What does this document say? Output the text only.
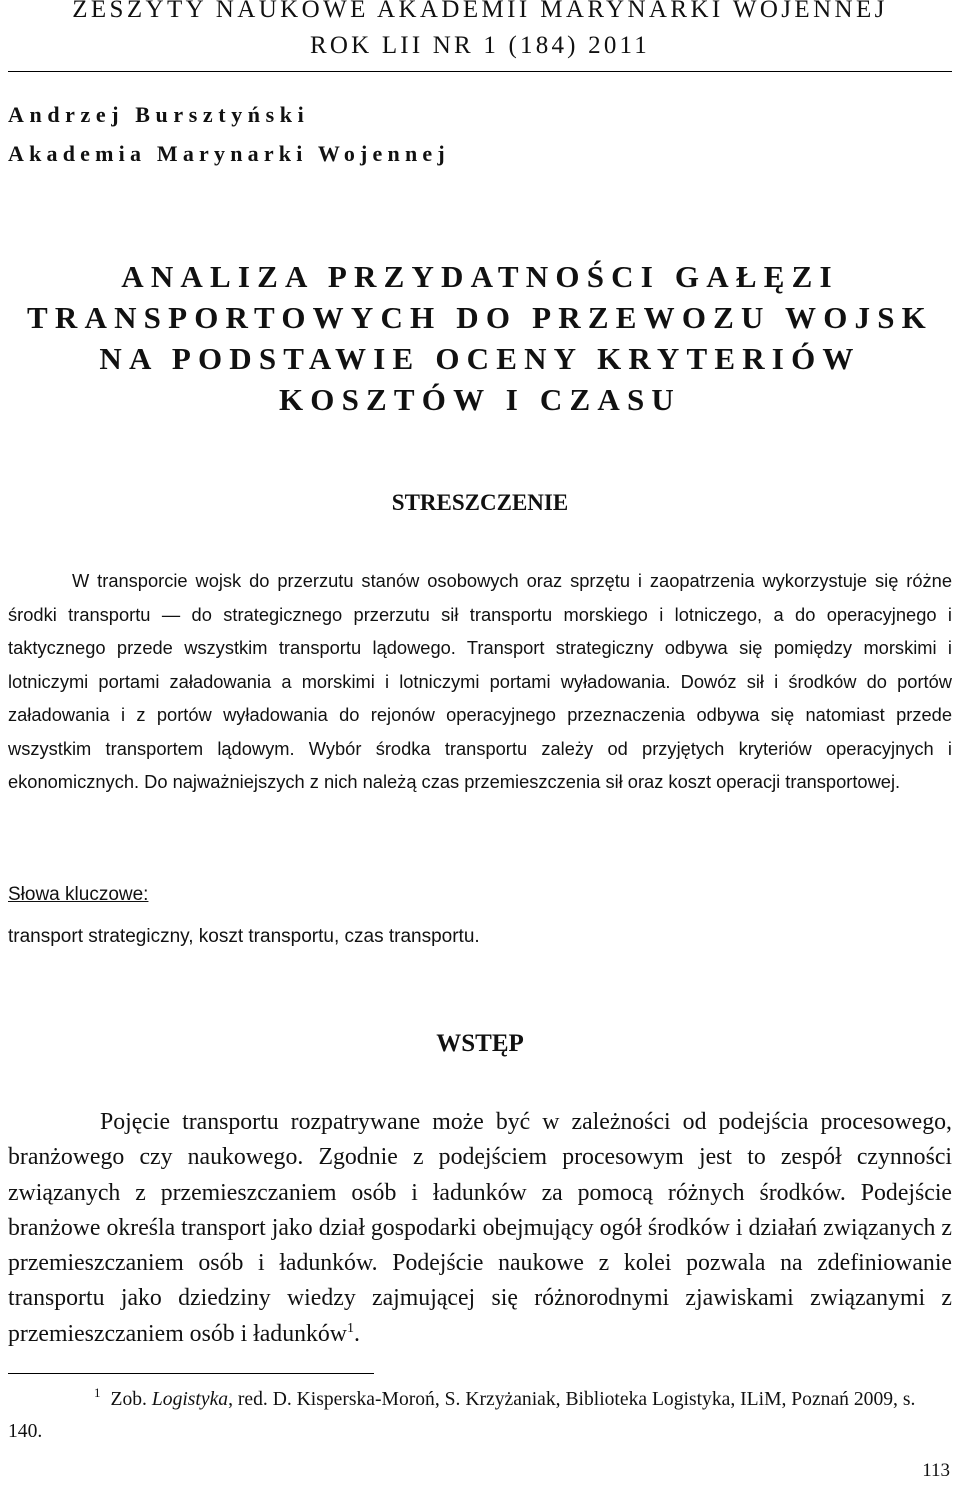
ZESZYTY NAUKOWE AKADEMII MARYNARKI WOJENNEJ
ROK LII NR 1 (184) 2011
Andrzej Bursztyński
Akademia Marynarki Wojennej
ANALIZA PRZYDATNOŚCI GAŁĘZI
TRANSPORTOWYCH DO PRZEWOZU WOJSK
NA PODSTAWIE OCENY KRYTERIÓW
KOSZTÓW I CZASU
STRESZCZENIE
W transporcie wojsk do przerzutu stanów osobowych oraz sprzętu i zaopatrzenia wykorzystuje się różne środki transportu — do strategicznego przerzutu sił transportu morskiego i lotniczego, a do operacyjnego i taktycznego przede wszystkim transportu lądowego. Transport strategiczny odbywa się pomiędzy morskimi i lotniczymi portami załadowania a morskimi i lotniczymi portami wyładowania. Dowóz sił i środków do portów załadowania i z portów wyładowania do rejonów operacyjnego przeznaczenia odbywa się natomiast przede wszystkim transportem lądowym. Wybór środka transportu zależy od przyjętych kryteriów operacyjnych i ekonomicznych. Do najważniejszych z nich należą czas przemieszczenia sił oraz koszt operacji transportowej.
Słowa kluczowe:
transport strategiczny, koszt transportu, czas transportu.
WSTĘP
Pojęcie transportu rozpatrywane może być w zależności od podejścia procesowego, branżowego czy naukowego. Zgodnie z podejściem procesowym jest to zespół czynności związanych z przemieszczaniem osób i ładunków za pomocą różnych środków. Podejście branżowe określa transport jako dział gospodarki obejmujący ogół środków i działań związanych z przemieszczaniem osób i ładunków. Podejście naukowe z kolei pozwala na zdefiniowanie transportu jako dziedziny wiedzy zajmującej się różnorodnymi zjawiskami związanymi z przemieszczaniem osób i ładunków$^1$.
1 Zob. Logistyka, red. D. Kisperska-Moroń, S. Krzyżaniak, Biblioteka Logistyka, ILiM, Poznań 2009, s. 140.
113
